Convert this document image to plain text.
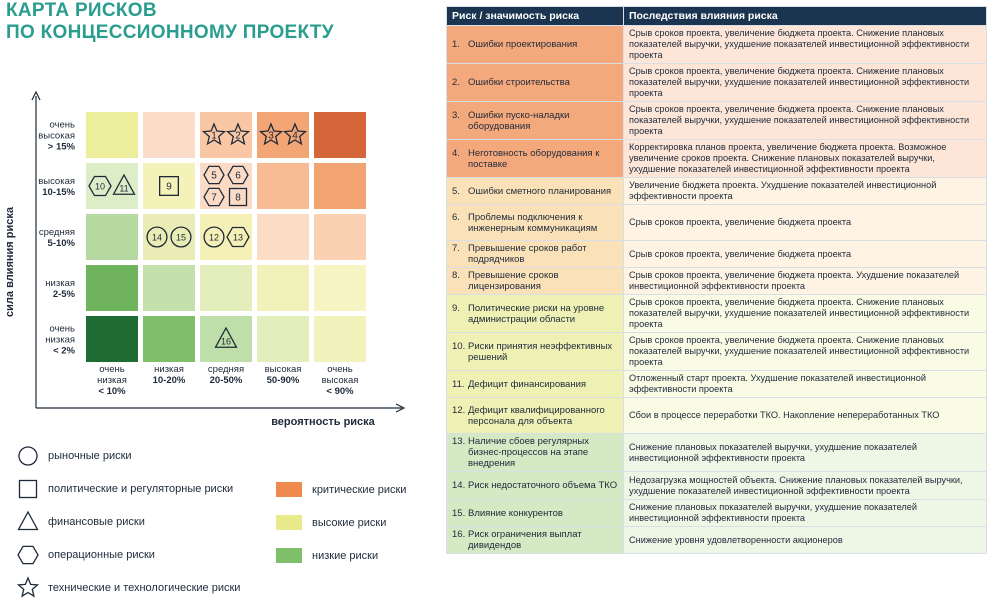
сила влияния риска
вероятность риска
очень
высокая
> 15%
высокая
10-15%
средняя
5-10%
низкая
2-5%
очень
низкая
< 2%
очень
низкая
< 10%
низкая
10-20%
средняя
20-50%
высокая
50-90%
очень
высокая
< 90%
1 2	3 4
5 6
7 8
9
10 11
12 13
14 15
16
КАРТА РИСКОВ
ПО КОНЦЕССИОННОМУ ПРОЕКТУ
рыночные риски
политические и регуляторные риски
финансовые риски
операционные риски
технические и технологические риски
критические риски
высокие риски
низкие риски
Риск / значимость риска	Последствия влияния риска
1. Ошибки проектирования	Срыв сроков проекта, увеличение бюджета проекта. Снижение плановых показателей выручки, ухудшение показателей инвестиционной эффективности проекта
2. Ошибки строительства	Срыв сроков проекта, увеличение бюджета проекта. Снижение плановых показателей выручки, ухудшение показателей инвестиционной эффективности проекта
3. Ошибки пуско-наладки оборудования	Срыв сроков проекта, увеличение бюджета проекта. Снижение плановых показателей выручки, ухудшение показателей инвестиционной эффективности проекта
4. Неготовность оборудования к поставке	Корректировка планов проекта, увеличение бюджета проекта. Возможное увеличение сроков проекта. Снижение плановых показателей выручки, ухудшение показателей инвестиционной эффективности проекта
5. Ошибки сметного планирования	Увеличение бюджета проекта. Ухудшение показателей инвестиционной эффективности проекта
6. Проблемы подключения к инженерным коммуникациям	Срыв сроков проекта, увеличение бюджета проекта
7. Превышение сроков работ подрядчиков	Срыв сроков проекта, увеличение бюджета проекта
8. Превышение сроков лицензирования	Срыв сроков проекта, увеличение бюджета проекта. Ухудшение показателей инвестиционной эффективности проекта
9. Политические риски на уровне администрации области	Срыв сроков проекта, увеличение бюджета проекта. Снижение плановых показателей выручки, ухудшение показателей инвестиционной эффективности проекта
10. Риски принятия неэффективных решений	Срыв сроков проекта, увеличение бюджета проекта. Снижение плановых показателей выручки, ухудшение показателей инвестиционной эффективности проекта
11. Дефицит финансирования	Отложенный старт проекта. Ухудшение показателей инвестиционной эффективности проекта
12. Дефицит квалифицированного персонала для объекта	Сбои в процессе переработки ТКО. Накопление непереработанных ТКО
13. Наличие сбоев регулярных бизнес-процессов на этапе внедрения	Снижение плановых показателей выручки, ухудшение показателей инвестиционной эффективности проекта
14. Риск недостаточного объема ТКО	Недозагрузка мощностей объекта. Снижение плановых показателей выручки, ухудшение показателей инвестиционной эффективности проекта
15. Влияние конкурентов	Снижение плановых показателей выручки, ухудшение показателей инвестиционной эффективности проекта
16. Риск ограничения выплат дивидендов	Снижение уровня удовлетворенности акционеров
